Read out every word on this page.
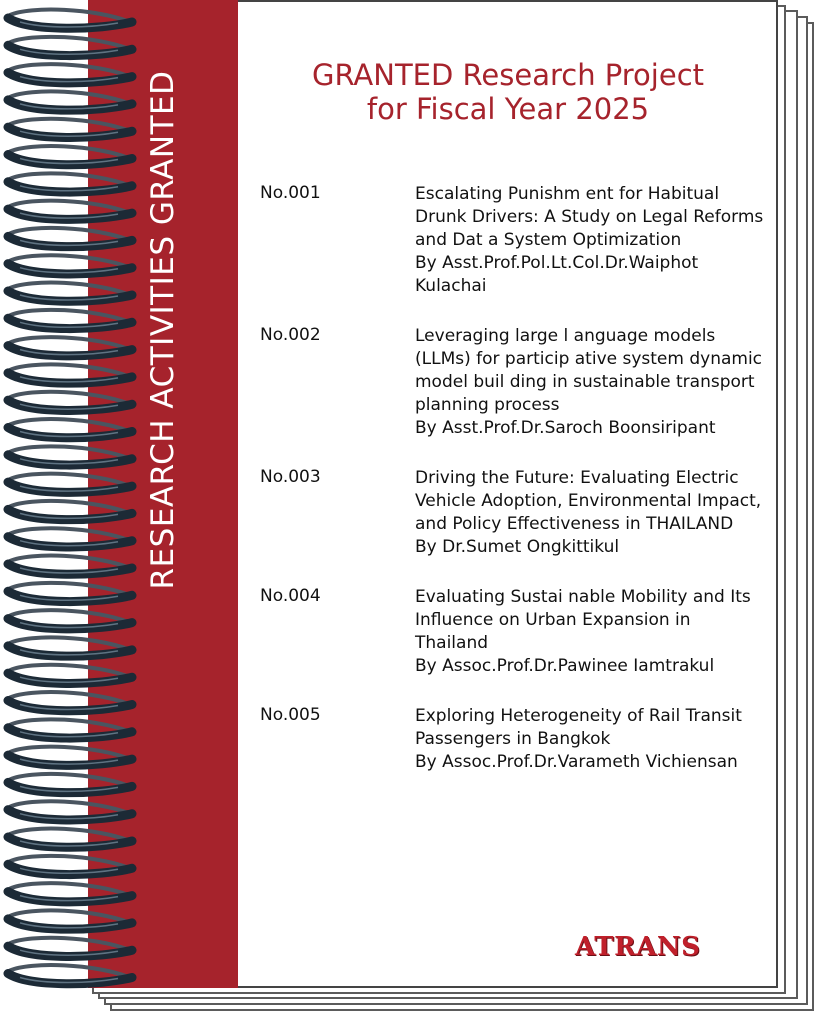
RESEARCH ACTIVITIES GRANTED	GRANTED Research Project
for Fiscal Year 2025
No.001	Escalating Punishm ent for Habitual Drunk Drivers: A Study on Legal Reforms and Dat a System Optimization
By Asst.Prof.Pol.Lt.Col.Dr.Waiphot Kulachai
No.002	Leveraging large l anguage models (LLMs) for particip ative system dynamic model buil ding in sustainable transport planning process
By Asst.Prof.Dr.Saroch Boonsiripant
No.003	Driving the Future: Evaluating Electric Vehicle Adoption, Environmental Impact, and Policy Effectiveness in THAILAND
By Dr.Sumet Ongkittikul
No.004	Evaluating Sustai nable Mobility and Its Influence on Urban Expansion in Thailand
By Assoc.Prof.Dr.Pawinee Iamtrakul
No.005	Exploring Heterogeneity of Rail Transit Passengers in Bangkok
By Assoc.Prof.Dr.Varameth Vichiensan
ATRANS
